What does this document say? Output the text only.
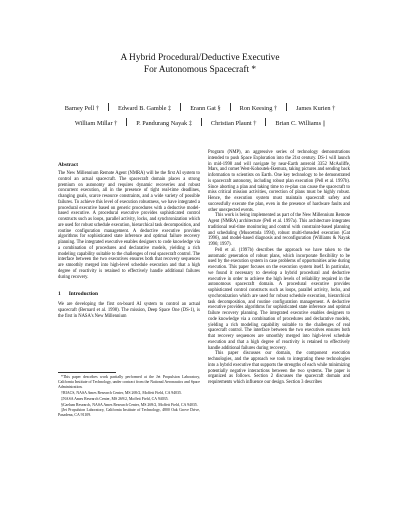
A Hybrid Procedural/Deductive Executive
For Autonomous Spacecraft *
Barney Pell †	Edward B. Gamble ‡	Erann Gat §	Ron Keesing †	James Kurien †
William Millar †	P. Pandurang Nayak ‡	Christian Plaunt †	Brian C. Williams ||
Abstract

The New Millennium Remote Agent (NMRA) will be the first AI system to control an actual spacecraft. The spacecraft domain places a strong premium on autonomy and requires dynamic recoveries and robust concurrent execution, all in the presence of tight real-time deadlines, changing goals, scarce resource constraints, and a wide variety of possible failures. To achieve this level of execution robustness, we have integrated a procedural executive based on generic procedures with a deductive model-based executive. A procedural executive provides sophisticated control constructs such as loops, parallel activity, locks, and synchronization which are used for robust schedule execution, hierarchical task decomposition, and routine configuration management. A deductive executive provides algorithms for sophisticated state inference and optimal failure recovery planning. The integrated executive enables designers to code knowledge via a combination of procedures and declarative models, yielding a rich modeling capability suitable to the challenges of real spacecraft control. The interface between the two executives ensures both that recovery sequences are smoothly merged into high-level schedule execution and that a high degree of reactivity is retained to effectively handle additional failures during recovery.

1 Introduction

We are developing the first on-board AI system to control an actual spacecraft (Bernard et al. 1998). The mission, Deep Space One (DS-1), is the first in NASA's New Millennium

*This paper describes work partially performed at the Jet Propulsion Laboratory, California Institute of Technology, under contract from the National Aeronautics and Space Administration.

†RIACS, NASA Ames Research Center, MS 269/2, Moffett Field, CA 94035.

‡NASA Ames Research Center, MS 269/2, Moffett Field, CA 94035.

§Caelum Research, NASA Ames Research Center, MS 269/2, Moffett Field, CA 94035.

||Jet Propulsion Laboratory, California Institute of Technology, 4800 Oak Grove Drive, Pasadena, CA 91109.

Program (NMP), an aggressive series of technology demonstrations intended to push Space Exploration into the 21st century. DS-1 will launch in mid-1998 and will navigate by near-Earth asteroid 3352 McAuliffe, Mars, and comet West-Kohoutek-Ikemura, taking pictures and sending back information to scientists on Earth. One key technology to be demonstrated is spacecraft autonomy, including robust plan execution (Pell et al. 1997b). Since aborting a plan and taking time to re-plan can cause the spacecraft to miss critical mission activities, correction of plans must be highly robust. Hence, the execution system must maintain spacecraft safety and successfully execute the plan, even in the presence of hardware faults and other unexpected events.

This work is being implemented as part of the New Millennium Remote Agent (NMRA) architecture (Pell et al. 1997a). This architecture integrates traditional real-time monitoring and control with constraint-based planning and scheduling (Muscettola 1994), robust multi-threaded execution (Gat 1996), and model-based diagnosis and reconfiguration (Williams & Nayak 1996; 1997).

Pell et al. (1997b) describes the approach we have taken to the automatic generation of robust plans, which incorporate flexibility to be used by the execution system in case problems of opportunities arise during execution. This paper focuses on the execution system itself. In particular, we found it necessary to develop a hybrid procedural and deductive executive in order to achieve the high levels of reliability required in the autonomous spacecraft domain. A procedural executive provides sophisticated control constructs such as loops, parallel activity, locks, and synchronization which are used for robust schedule execution, hierarchical task decomposition, and routine configuration management. A deductive executive provides algorithms for sophisticated state inference and optimal failure recovery planning. The integrated executive enables designers to code knowledge via a combination of procedures and declarative models, yielding a rich modeling capability suitable to the challenges of real spacecraft control. The interface between the two executives ensures both that recovery sequences are smoothly merged into high-level schedule execution and that a high degree of reactivity is retained to effectively handle additional failures during recovery.

This paper discusses our domain, the component execution technologies, and the approach we took to integrating these technologies into a hybrid executive that supports the strengths of each while minimizing potentially negative interactions between the two systems. The paper is organized as follows. Section 2 discusses the spacecraft domain and requirements which influence our design. Section 3 describes
